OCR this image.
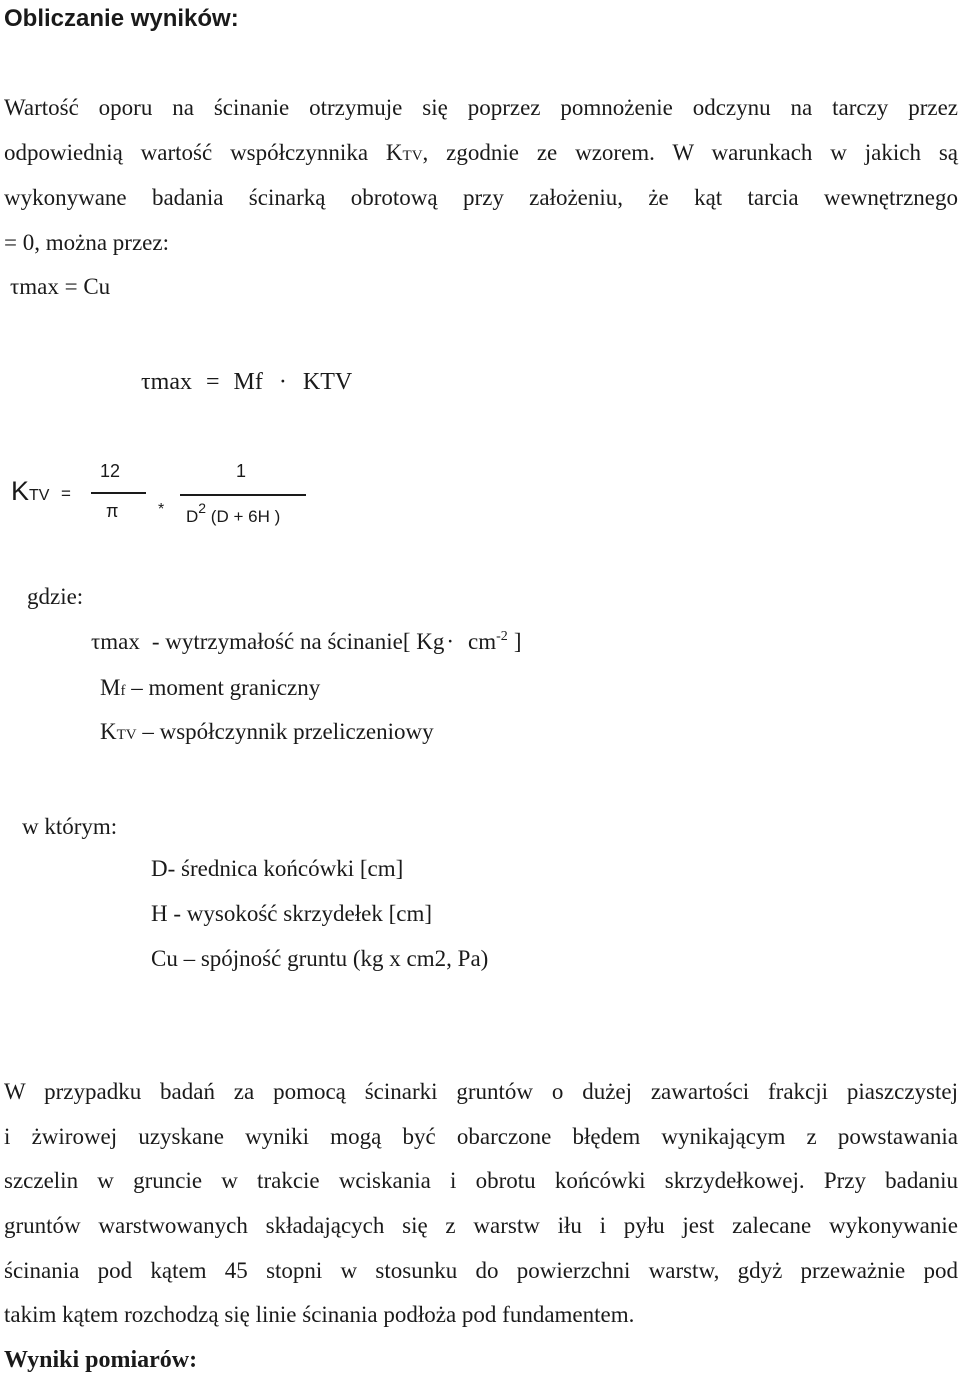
Obliczanie wyników:
Wartość oporu na ścinanie otrzymuje się poprzez pomnożenie odczynu na tarczy przez
odpowiednią wartość współczynnika KTV, zgodnie ze wzorem. W warunkach w jakich są
wykonywane badania ścinarką obrotową przy założeniu, że kąt tarcia wewnętrznego
= 0, można przez:
τmax = Cu
τmax = Mf · KTV
KTV =
12
π *
1
$D^2$ (D + 6H )
gdzie:
τmax - wytrzymałość na ścinanie[ $Kg\cdot cm^{-2}$ ]
Mf – moment graniczny
KTV – współczynnik przeliczeniowy
w którym:
D- średnica końcówki [cm]
H - wysokość skrzydełek [cm]
Cu – spójność gruntu (kg x cm2, Pa)
W przypadku badań za pomocą ścinarki gruntów o dużej zawartości frakcji piaszczystej
i żwirowej uzyskane wyniki mogą być obarczone błędem wynikającym z powstawania
szczelin w gruncie w trakcie wciskania i obrotu końcówki skrzydełkowej. Przy badaniu
gruntów warstwowanych składających się z warstw iłu i pyłu jest zalecane wykonywanie
ścinania pod kątem 45 stopni w stosunku do powierzchni warstw, gdyż przeważnie pod
takim kątem rozchodzą się linie ścinania podłoża pod fundamentem.
Wyniki pomiarów:
